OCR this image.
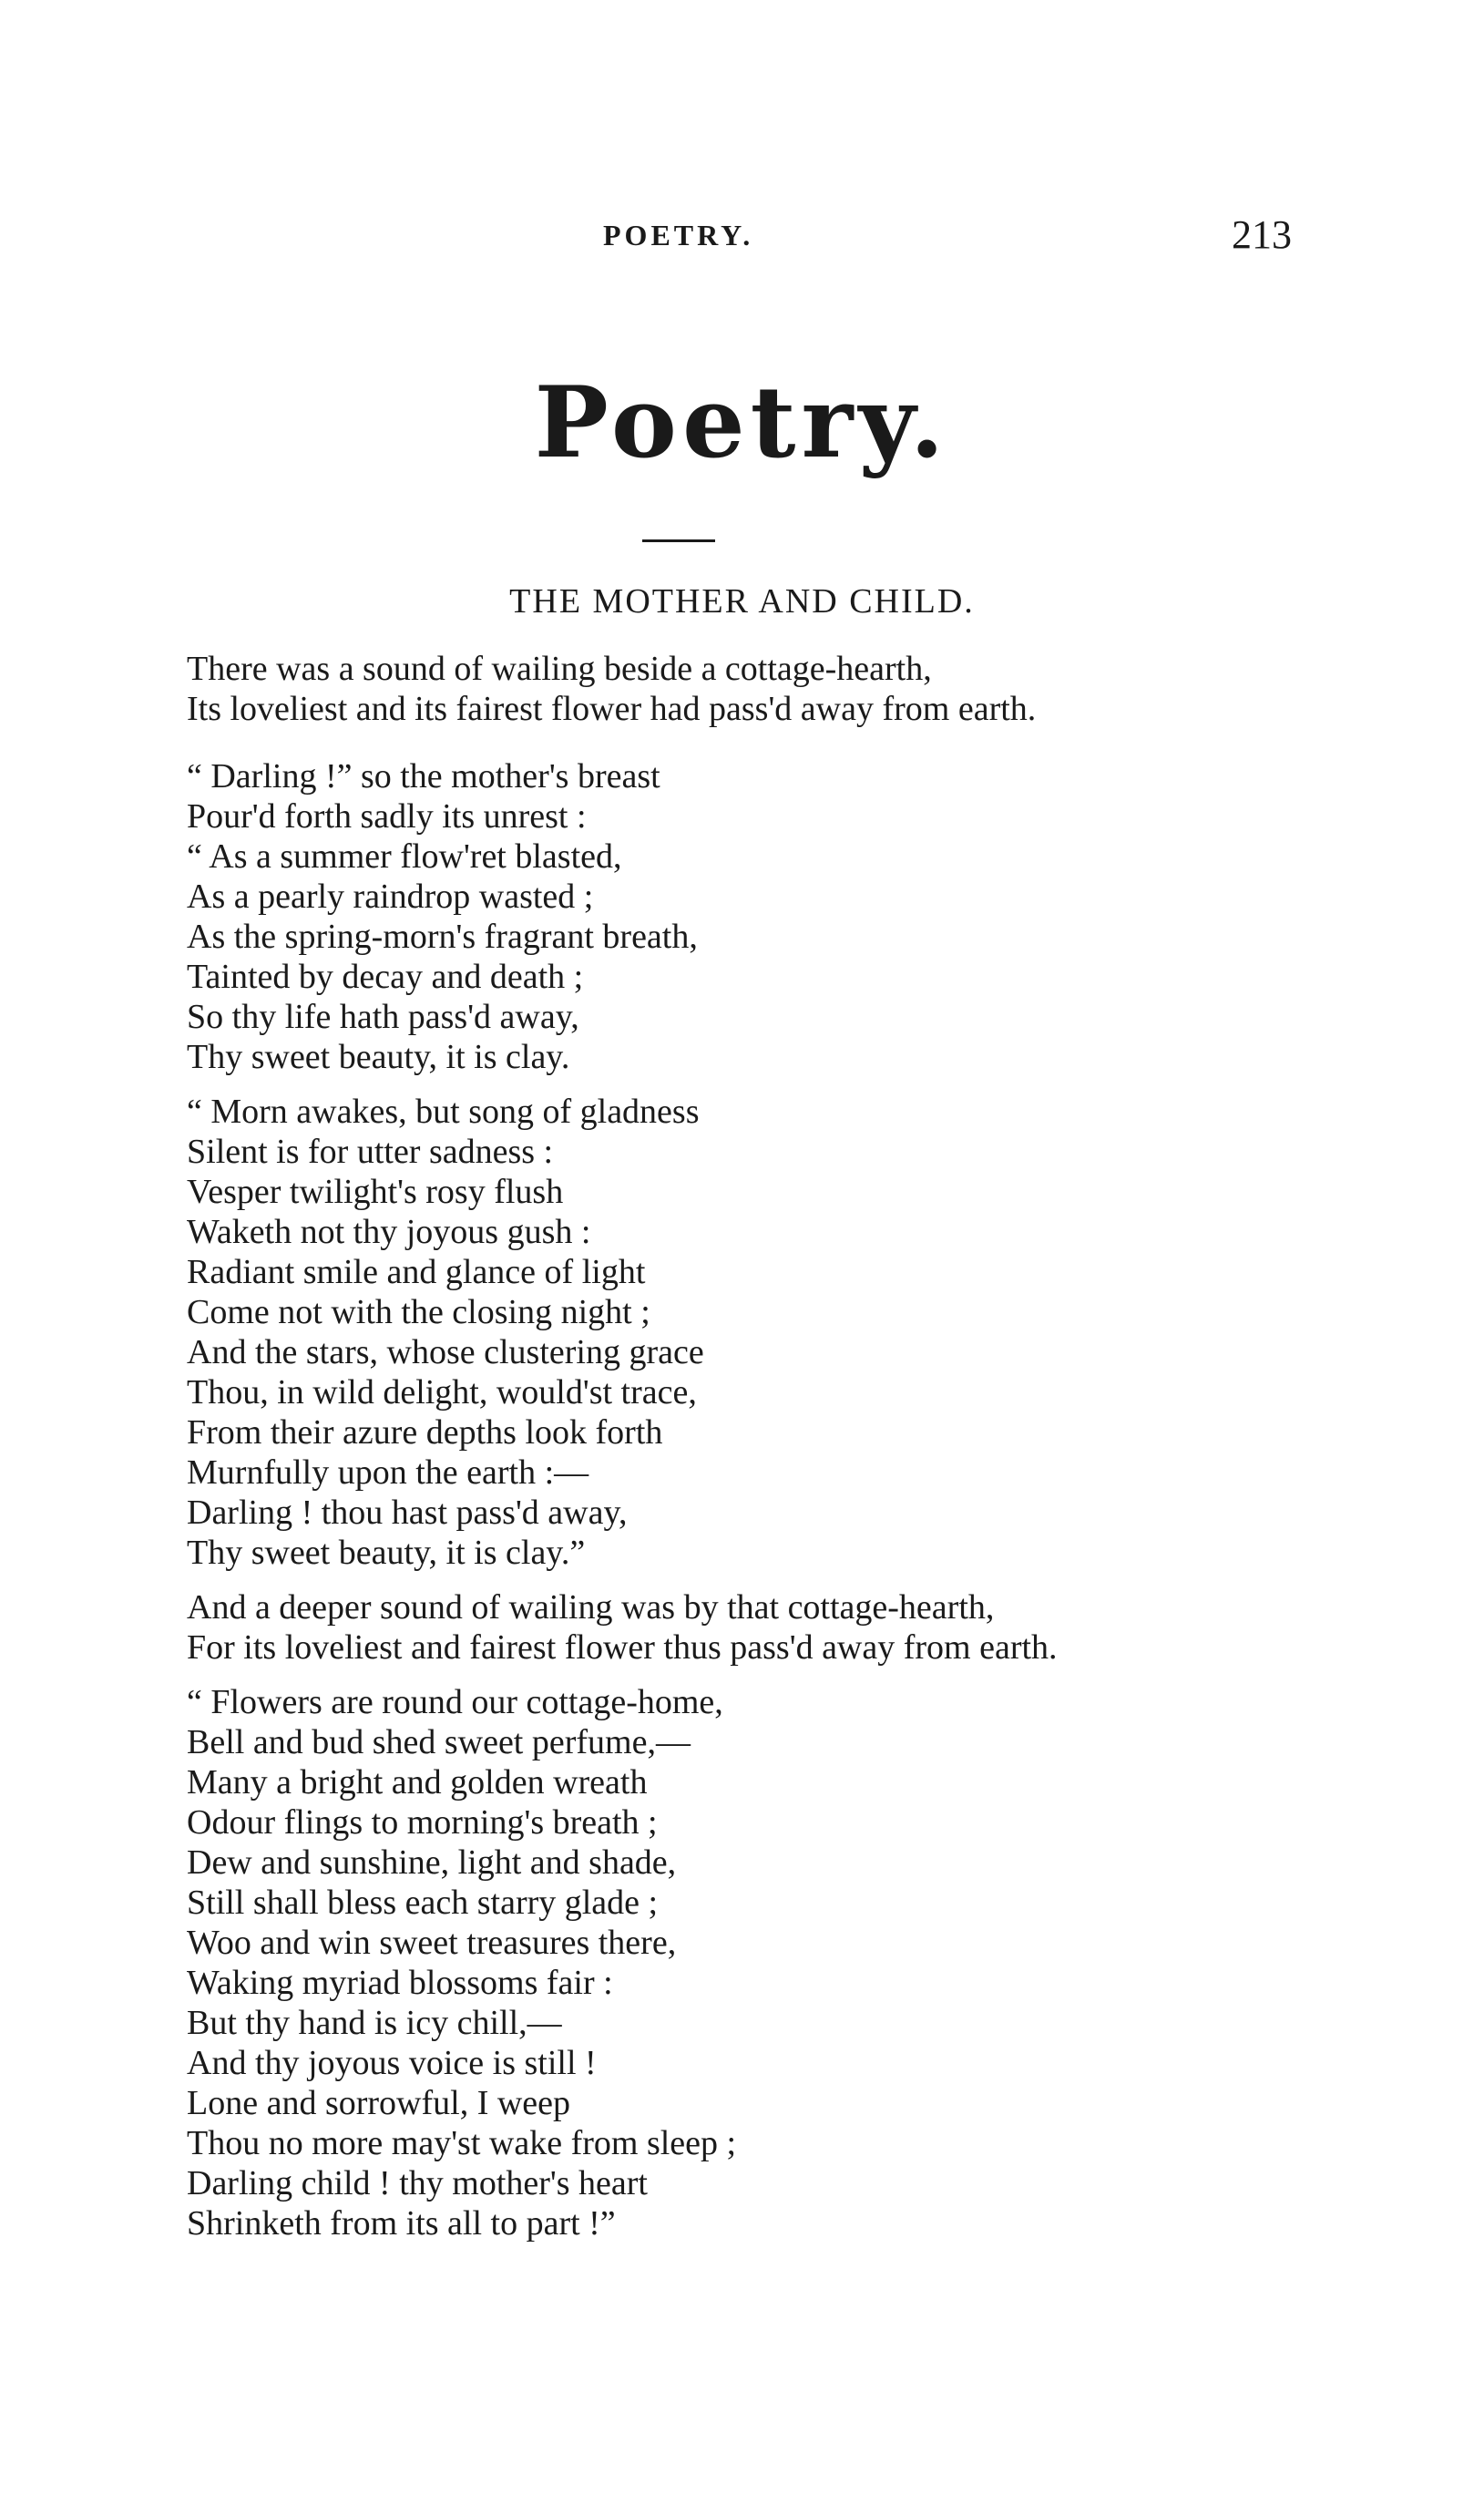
POETRY.	213
Poetry.
THE MOTHER AND CHILD.
There was a sound of wailing beside a cottage-hearth,
Its loveliest and its fairest flower had pass'd away from earth.
“ Darling !” so the mother's breast
Pour'd forth sadly its unrest :
“ As a summer flow'ret blasted,
As a pearly raindrop wasted ;
As the spring-morn's fragrant breath,
Tainted by decay and death ;
So thy life hath pass'd away,
Thy sweet beauty, it is clay.
“ Morn awakes, but song of gladness
Silent is for utter sadness :
Vesper twilight's rosy flush
Waketh not thy joyous gush :
Radiant smile and glance of light
Come not with the closing night ;
And the stars, whose clustering grace
Thou, in wild delight, would'st trace,
From their azure depths look forth
Murnfully upon the earth :—
Darling ! thou hast pass'd away,
Thy sweet beauty, it is clay.”
And a deeper sound of wailing was by that cottage-hearth,
For its loveliest and fairest flower thus pass'd away from earth.
“ Flowers are round our cottage-home,
Bell and bud shed sweet perfume,—
Many a bright and golden wreath
Odour flings to morning's breath ;
Dew and sunshine, light and shade,
Still shall bless each starry glade ;
Woo and win sweet treasures there,
Waking myriad blossoms fair :
But thy hand is icy chill,—
And thy joyous voice is still !
Lone and sorrowful, I weep
Thou no more may'st wake from sleep ;
Darling child ! thy mother's heart
Shrinketh from its all to part !”
